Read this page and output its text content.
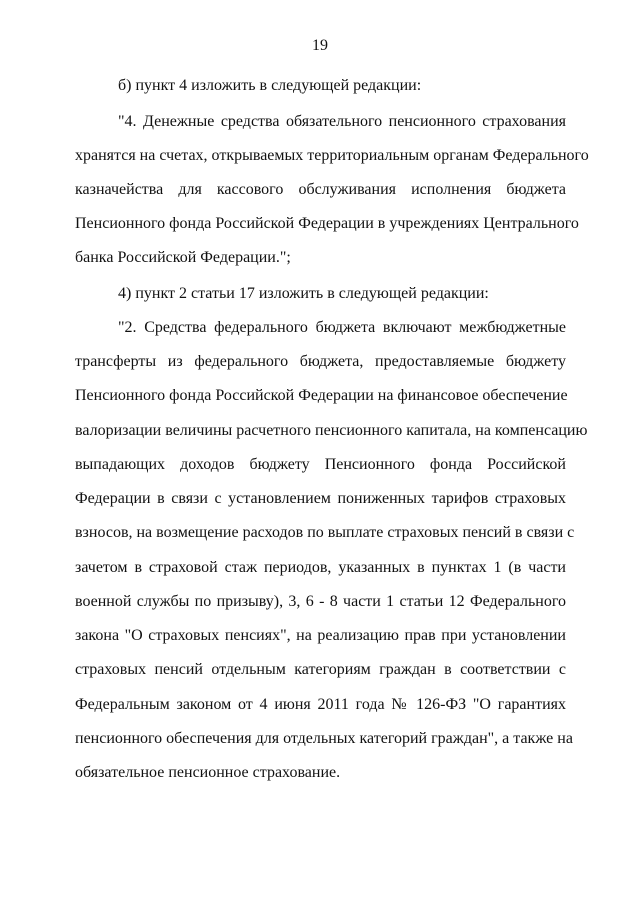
19
б) пункт 4 изложить в следующей редакции:
"4. Денежные средства обязательного пенсионного страхования
хранятся на счетах, открываемых территориальным органам Федерального
казначейства для кассового обслуживания исполнения бюджета
Пенсионного фонда Российской Федерации в учреждениях Центрального
банка Российской Федерации.";
4) пункт 2 статьи 17 изложить в следующей редакции:
"2. Средства федерального бюджета включают межбюджетные
трансферты из федерального бюджета, предоставляемые бюджету
Пенсионного фонда Российской Федерации на финансовое обеспечение
валоризации величины расчетного пенсионного капитала, на компенсацию
выпадающих доходов бюджету Пенсионного фонда Российской
Федерации в связи с установлением пониженных тарифов страховых
взносов, на возмещение расходов по выплате страховых пенсий в связи с
зачетом в страховой стаж периодов, указанных в пунктах 1 (в части
военной службы по призыву), 3, 6 - 8 части 1 статьи 12 Федерального
закона "О страховых пенсиях", на реализацию прав при установлении
страховых пенсий отдельным категориям граждан в соответствии с
Федеральным законом от 4 июня 2011 года № 126-ФЗ "О гарантиях
пенсионного обеспечения для отдельных категорий граждан", а также на
обязательное пенсионное страхование.
